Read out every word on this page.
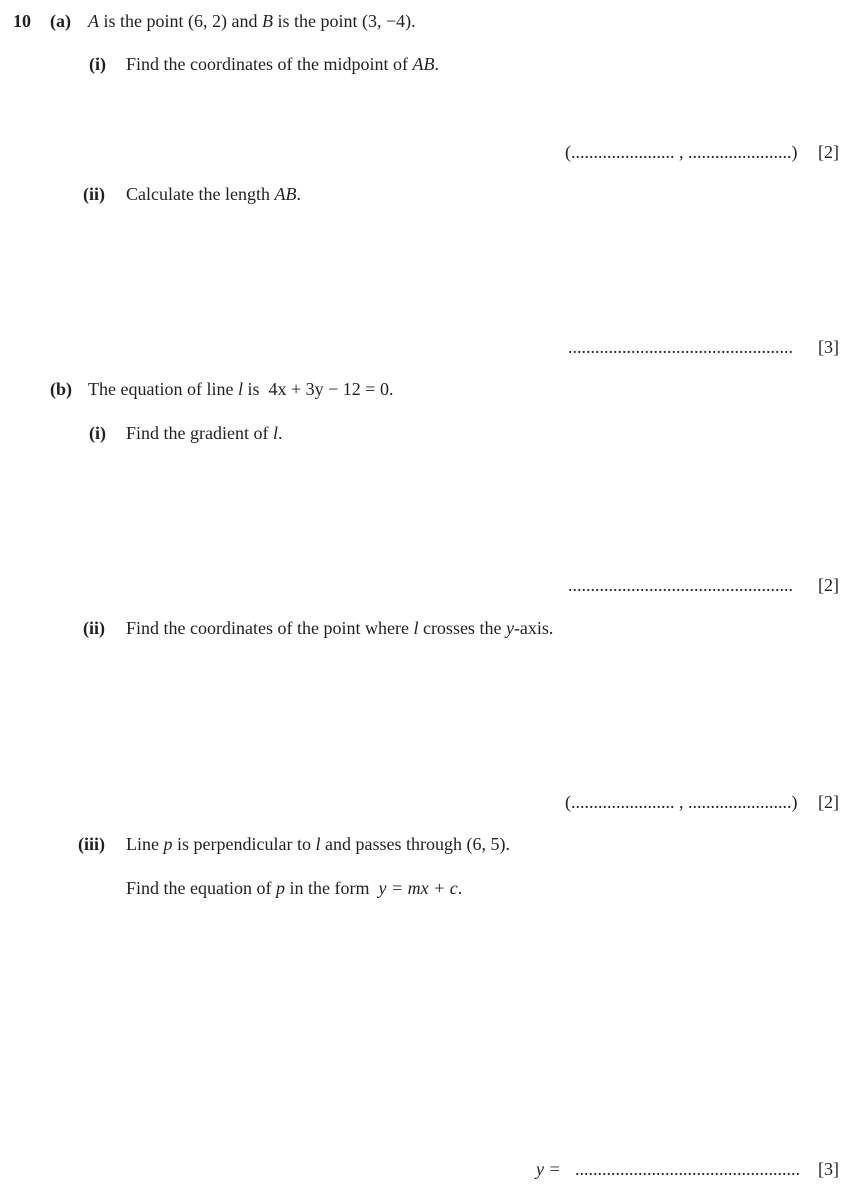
10 (a) A is the point (6, 2) and B is the point (3, −4).
(i) Find the coordinates of the midpoint of AB.
(....................... , .......................) [2]
(ii) Calculate the length AB.
.................................................. [3]
(b) The equation of line l is 4x + 3y − 12 = 0.
(i) Find the gradient of l.
.................................................. [2]
(ii) Find the coordinates of the point where l crosses the y-axis.
(....................... , .......................) [2]
(iii) Line p is perpendicular to l and passes through (6, 5).
Find the equation of p in the form y = mx + c.
y = .................................................. [3]
